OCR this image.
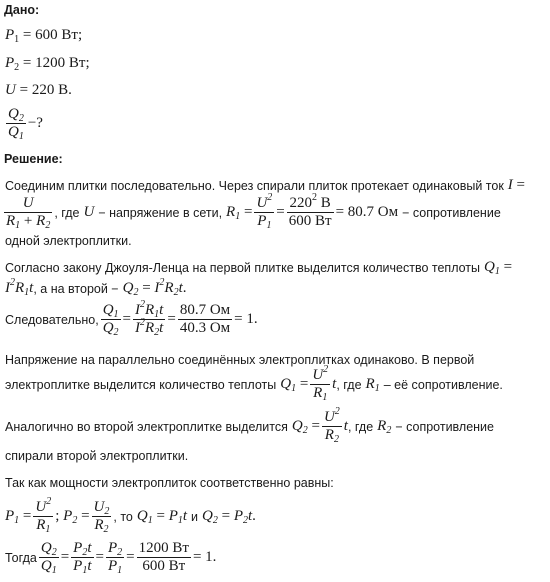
Дано:
$P_1 = 600$ Вт;
$P_2 = 1200$ Вт;
U = 220 В.
$\frac{Q_2}{Q_1}$ −?
Решение:
Соединим плитки последовательно. Через спирали плиток протекает одинаковый ток I =
$\frac{U}{R_1 + R_2}$ , где U − напряжение в сети, $R_1 = \frac{U^2}{P_1} = \frac{220^2 В}{600 Вт} = 80.7$ Ом − сопротивление
одной электроплитки.
Согласно закону Джоуля-Ленца на первой плитке выделится количество теплоты $Q_1$ =
$I^2R_1t$ , а на второй − $Q_2 = I^2R_2t$ .
Следовательно, $\frac{Q_1}{Q_2} = \frac{I^2R_1t}{I^2R_2t} = \frac{80.7 Ом}{40.3 Ом} = 1$.
Напряжение на параллельно соединённых электроплитках одинаково. В первой
электроплитке выделится количество теплоты $Q_1 = \frac{U^2}{R_1}$ t , где $R_1$ – её сопротивление.
Аналогично во второй электроплитке выделится $Q_2 = \frac{U^2}{R_2}$ t , где $R_2$ − сопротивление
спирали второй электроплитки.
Так как мощности электроплиток соответственно равны:
$P_1 = \frac{U^2}{R_1}$ ; $P_2 = \frac{U_2}{R_2}$ , то $Q_1 = P_1t$ и $Q_2 = P_2t$ .
Тогда $\frac{Q_2}{Q_1} = \frac{P_2t}{P_1t} = \frac{P_2}{P_1} = \frac{1200 Вт}{600 Вт} = 1$.
